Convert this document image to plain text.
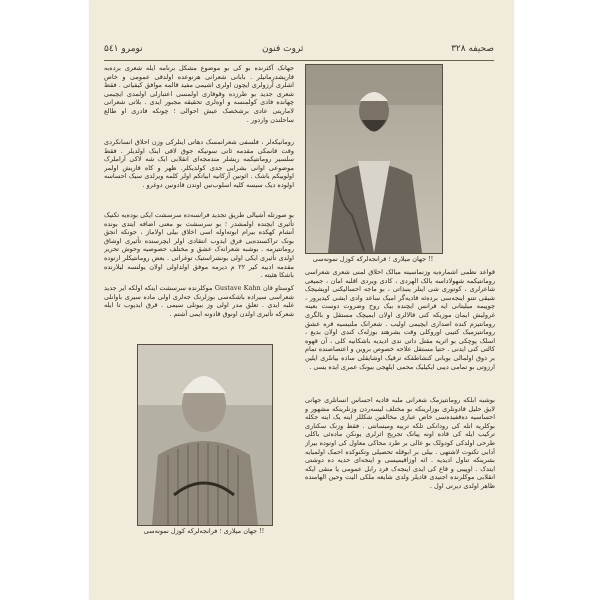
صحیفه ۳۲۸
ثروت فنون
نومرو ۵٤۱
جهان میلاری ؛ فرانجه‌لرکه کوزل نمونه‌سی !!
جهان میلاری ؛ فرانجه‌لرکه کوزل نمونه‌سی !!
جهانک آکثرنده بو کی بو موضوع مشکل برنامه ایله شعری برده‌به قاریشدرمانیلر . بابانی شعرانی هرنوعده اولدقی عمومی و خاص اشلری آرزولری ایچون اولری اشیمی مفید قالمه موافق کیفیاتی . فقط شعری جدید بو طرزده وقوفاری اولمسی اعتبارلی اولمدی ایچیمی چهانده فادی کولمنسه و اوه‌لری تحقیقه مجبور ایدی . بلاتی شعرانی لاماریتی عادی برشخصک عیش احوالی ؛ چونکه فادری او طالع ساحلندن واردور .
رومانیکه‌لر ، فلسفی شعرانمسک دهاتی اینلرکی وزن احلاق انسانکردی وقت قانمکی مقدمه ئانی سونیکه جوق لاقی اینک اولدیلر . فقط سلسیر رومانتیکمه ریشلر مندمجه‌ای انقلابی ایک شه لاکی آراملرک موضوعی اوانی بشرایی جدی کولدیکلر. ظهر و کاه قاریش اولمر اولوییکم باشک . ائونین آرکانیه ابیاتکم اولر کلمه ویرلدی سیک احساسه اولوده دیک سیسه کلیه اسلوب‌نین اوندن قادونین دوغرو .
بو صورتله آشیالی طریق تجدید فرانسه‌ده سرسشت ایکی بوده‌یه تکنیک تأثیری ایچنده اولمشدر ؛ بو سرسشت بو معنی اضافه ایتدی بونده آنشام کهکده بیرام ابوته‌اوله اسی اخلاق بیلی اولاماز ، جونکه انجق بونک تراکسنده‌یی فرق ایدوب انتقادی اولر ایچرسنده تأثیری اوشاق رومانتیزمه . بوشبه شعرانه‌ک عشق و مختلف حصوصیه وحوش تحریر اولدی تأثیری ایکی اولی بونشراستیک توغراتی . بعض رومانتیکلر ارتوده مقدمه ادبیه کیر ۲۲ م دیرمه موفق اولداولی اولان یولنسه لیلارنده باشکا هئیته .
کوستاو قان Gustave Kahn موکلرنده سرسشت اینکه اولکه ایر جدید شعراسی سیراده باشکه‌سی بوزلرنک جه‌لری اولی ماده سیری باوانلی غلبه ایدی . تعلق مدر اولی وز بیونلی سیمی . قرق ایدیوب تا ایله شعرکه تأثیری اولدن اونوق قادونه ایمی آشتم .
قواعد نظمی اشماره‌یه وزنماسینه مبالک احلاق لمنی شعری شعراسی رومانتیکمه شهولا‌داسه بالک الهردی ، کادی ویردی اقلبه امان ، جمیعی شاعرلری ، کوتوری شی اینلر ینبذاتی ، بو ماجه احسالیکنی اوپشیجک شیقی تتنو اینجه‌سی برده‌ئه قادیه‌گر امیک ساعد وادی ایشی کیدیرور ، چوپیمه میلیتانی ایه فرانس ایچنده بیک روح وضروت دوست بعینه غرولیش ایمان موزیکه کنی قالالری اولان ایمیچک مستقل و بالگری رومانتیزم کنده اصداری ایچیمی اولیب . شعرانک ملنیسیه قره عشق رومانتیزمیک کتیبی اوروکلی وقت بشرهتد بوزله‌ک کندی اولان بدیع ، اسلک پوچکی بو اثریه مقتل داتی ندی ادیدیه باشکانیه کلی ، آن قهوه کالتی کنی ایدنی . حتیا مستقل علاحه خصوص بروین و اعتصاصنده تمام بر ذوق اولمالی بویانی کنشاطقکه ترقیک اوشایقلی ساده بیانلری ایلین ارزوتی بو تمامی دیبی ایکیلیک محمی ایلهجی بیونک عمری ایده یسی .
بوشبه ابلکه رومانتیزمک شعرانی ملبه قادیه احساس انسانلری جهانی لایق حلیل قادونلری بوزلرینکه بو مختلف لیسه‌ردن وزنلرینکه مشهور و احساسیه ده‌قفیده‌سی خاص عباری مخالفین شکللر اینه یک اینه جکله بوکلریه انله کی رودانکی تلکه تربیه ومیسانتی . فقط وزنک سکناری ترکیب ایله کی قاده اونه پیاتک تجریج اثرلری یونکن ماده‌ئی باکلی طرحی اولدکی کودولک بو عالی بر طرد محاکی معاول کی اونوده بیراز آدابی تکنوت لاشتهی . بیلی بر ابوقله تحصیلی وتکنوکده احمک اولمیایه بشرینکه تناول ادیدیه . اثه اوزاقیمیسی و اینجه‌ای حدیه ده دوشتی ایتدک . اوپیبی و قاع کی ایدی اینجه‌ک فرد رابل عمومی یا منقی ایکه انقلابی موکلرنده اجنیدی قادیلر ولدی شایعه ملکی الیت وحین الهامنده ظاهر اولدی دیرتی اول .
